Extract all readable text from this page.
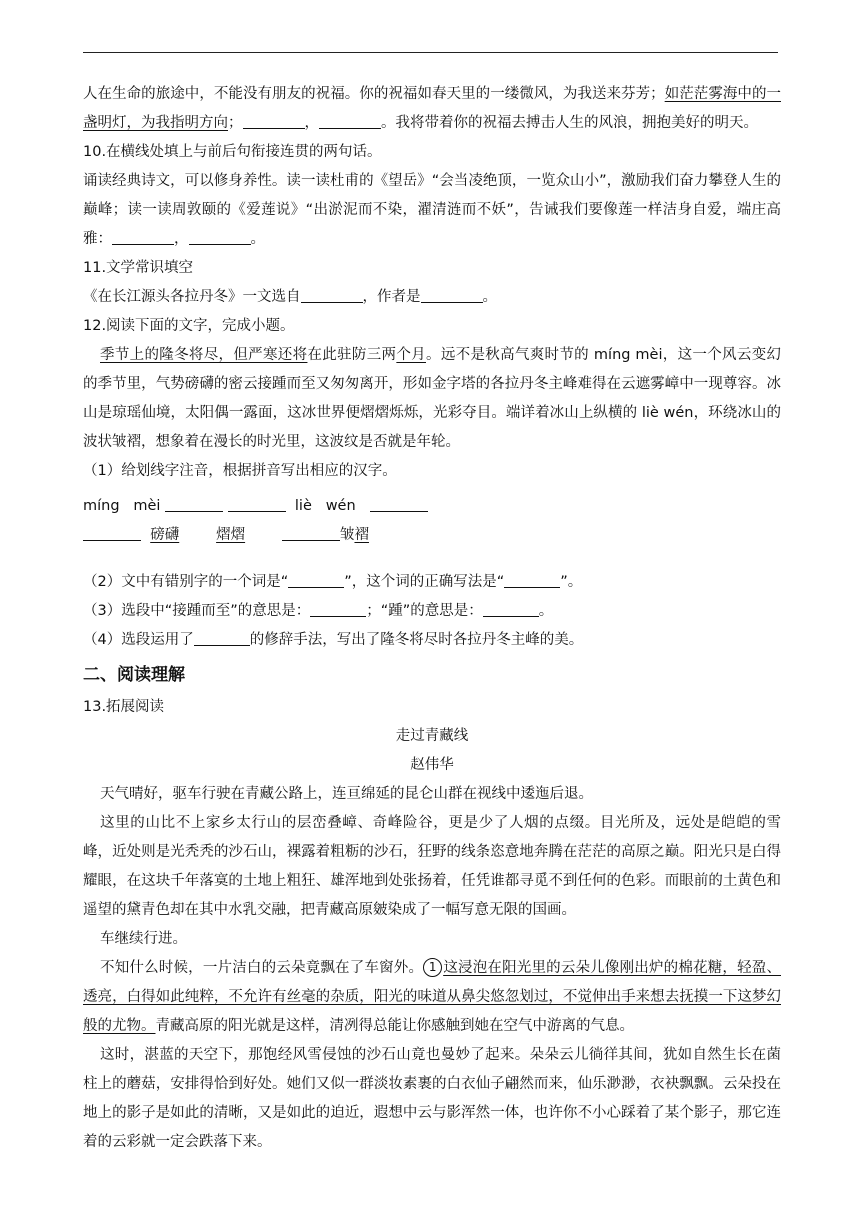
人在生命的旅途中，不能没有朋友的祝福。你的祝福如春天里的一缕微风，为我送来芬芳；如茫茫雾海中的一盏明灯，为我指明方向；	，	。我将带着你的祝福去搏击人生的风浪，拥抱美好的明天。

10.在横线处填上与前后句衔接连贯的两句话。

诵读经典诗文，可以修身养性。读一读杜甫的《望岳》“会当凌绝顶，一览众山小”，激励我们奋力攀登人生的巅峰；读一读周敦颐的《爱莲说》“出淤泥而不染，濯清涟而不妖”，告诫我们要像莲一样洁身自爱，端庄高雅：	，	。

11.文学常识填空

《在长江源头各拉丹冬》一文选自	，作者是	。

12.阅读下面的文字，完成小题。

季节上的隆冬将尽，但严寒还将在此驻防三两个月。远不是秋高气爽时节的 míng mèi，这一个风云变幻的季节里，气势磅礴的密云接踵而至又匆匆离开，形如金字塔的各拉丹冬主峰难得在云遮雾嶂中一现尊容。冰山是琼瑶仙境，太阳偶一露面，这冰世界便熠熠烁烁，光彩夺目。端详着冰山上纵横的 liè wén，环绕冰山的波状皱褶，想象着在漫长的时光里，这波纹是否就是年轮。

（1）给划线字注音，根据拼音写出相应的汉字。

míng   mèi	liè   wén

磅礴	熠熠	皱褶

（2）文中有错别字的一个词是“	”，这个词的正确写法是“	”。

（3）选段中“接踵而至”的意思是：	；“踵”的意思是：	。

（4）选段运用了	的修辞手法，写出了隆冬将尽时各拉丹冬主峰的美。

二、阅读理解

13.拓展阅读

走过青藏线

赵伟华

天气晴好，驱车行驶在青藏公路上，连亘绵延的昆仑山群在视线中逶迤后退。

这里的山比不上家乡太行山的层峦叠嶂、奇峰险谷，更是少了人烟的点缀。目光所及，远处是皑皑的雪峰，近处则是光秃秃的沙石山，裸露着粗粝的沙石，狂野的线条恣意地奔腾在茫茫的高原之巅。阳光只是白得耀眼，在这块千年落寞的土地上粗狂、雄浑地到处张扬着，任凭谁都寻觅不到任何的色彩。而眼前的土黄色和遥望的黛青色却在其中水乳交融，把青藏高原皴染成了一幅写意无限的国画。

车继续行进。

不知什么时候，一片洁白的云朵竟飘在了车窗外。 1 这浸泡在阳光里的云朵儿像刚出炉的棉花糖，轻盈、透亮，白得如此纯粹，不允许有丝毫的杂质，阳光的味道从鼻尖悠忽划过，不觉伸出手来想去抚摸一下这梦幻般的尤物。青藏高原的阳光就是这样，清冽得总能让你感触到她在空气中游离的气息。

这时，湛蓝的天空下，那饱经风雪侵蚀的沙石山竟也曼妙了起来。朵朵云儿徜徉其间，犹如自然生长在菌柱上的蘑菇，安排得恰到好处。她们又似一群淡妆素裹的白衣仙子翩然而来，仙乐渺渺，衣袂飘飘。云朵投在地上的影子是如此的清晰，又是如此的迫近，遐想中云与影浑然一体，也许你不小心踩着了某个影子，那它连着的云彩就一定会跌落下来。
